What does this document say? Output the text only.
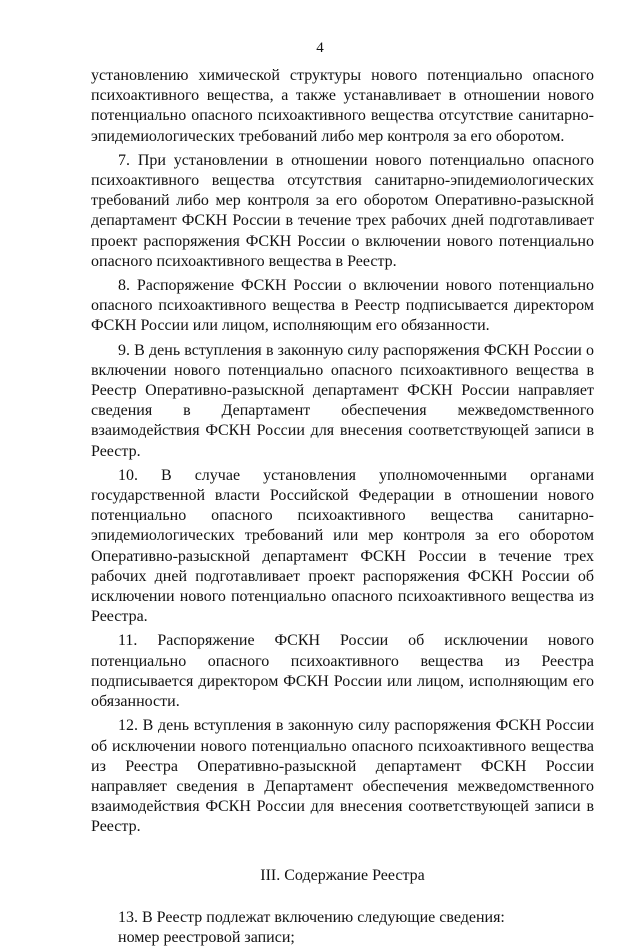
4

установлению химической структуры нового потенциально опасного психоактивного вещества, а также устанавливает в отношении нового потенциально опасного психоактивного вещества отсутствие санитарно-эпидемиологических требований либо мер контроля за его оборотом.

7. При установлении в отношении нового потенциально опасного психоактивного вещества отсутствия санитарно-эпидемиологических требований либо мер контроля за его оборотом Оперативно-разыскной департамент ФСКН России в течение трех рабочих дней подготавливает проект распоряжения ФСКН России о включении нового потенциально опасного психоактивного вещества в Реестр.

8. Распоряжение ФСКН России о включении нового потенциально опасного психоактивного вещества в Реестр подписывается директором ФСКН России или лицом, исполняющим его обязанности.

9. В день вступления в законную силу распоряжения ФСКН России о включении нового потенциально опасного психоактивного вещества в Реестр Оперативно-разыскной департамент ФСКН России направляет сведения в Департамент обеспечения межведомственного взаимодействия ФСКН России для внесения соответствующей записи в Реестр.

10. В случае установления уполномоченными органами государственной власти Российской Федерации в отношении нового потенциально опасного психоактивного вещества санитарно-эпидемиологических требований или мер контроля за его оборотом Оперативно-разыскной департамент ФСКН России в течение трех рабочих дней подготавливает проект распоряжения ФСКН России об исключении нового потенциально опасного психоактивного вещества из Реестра.

11. Распоряжение ФСКН России об исключении нового потенциально опасного психоактивного вещества из Реестра подписывается директором ФСКН России или лицом, исполняющим его обязанности.

12. В день вступления в законную силу распоряжения ФСКН России об исключении нового потенциально опасного психоактивного вещества из Реестра Оперативно-разыскной департамент ФСКН России направляет сведения в Департамент обеспечения межведомственного взаимодействия ФСКН России для внесения соответствующей записи в Реестр.

III. Содержание Реестра

13. В Реестр подлежат включению следующие сведения:

номер реестровой записи;
